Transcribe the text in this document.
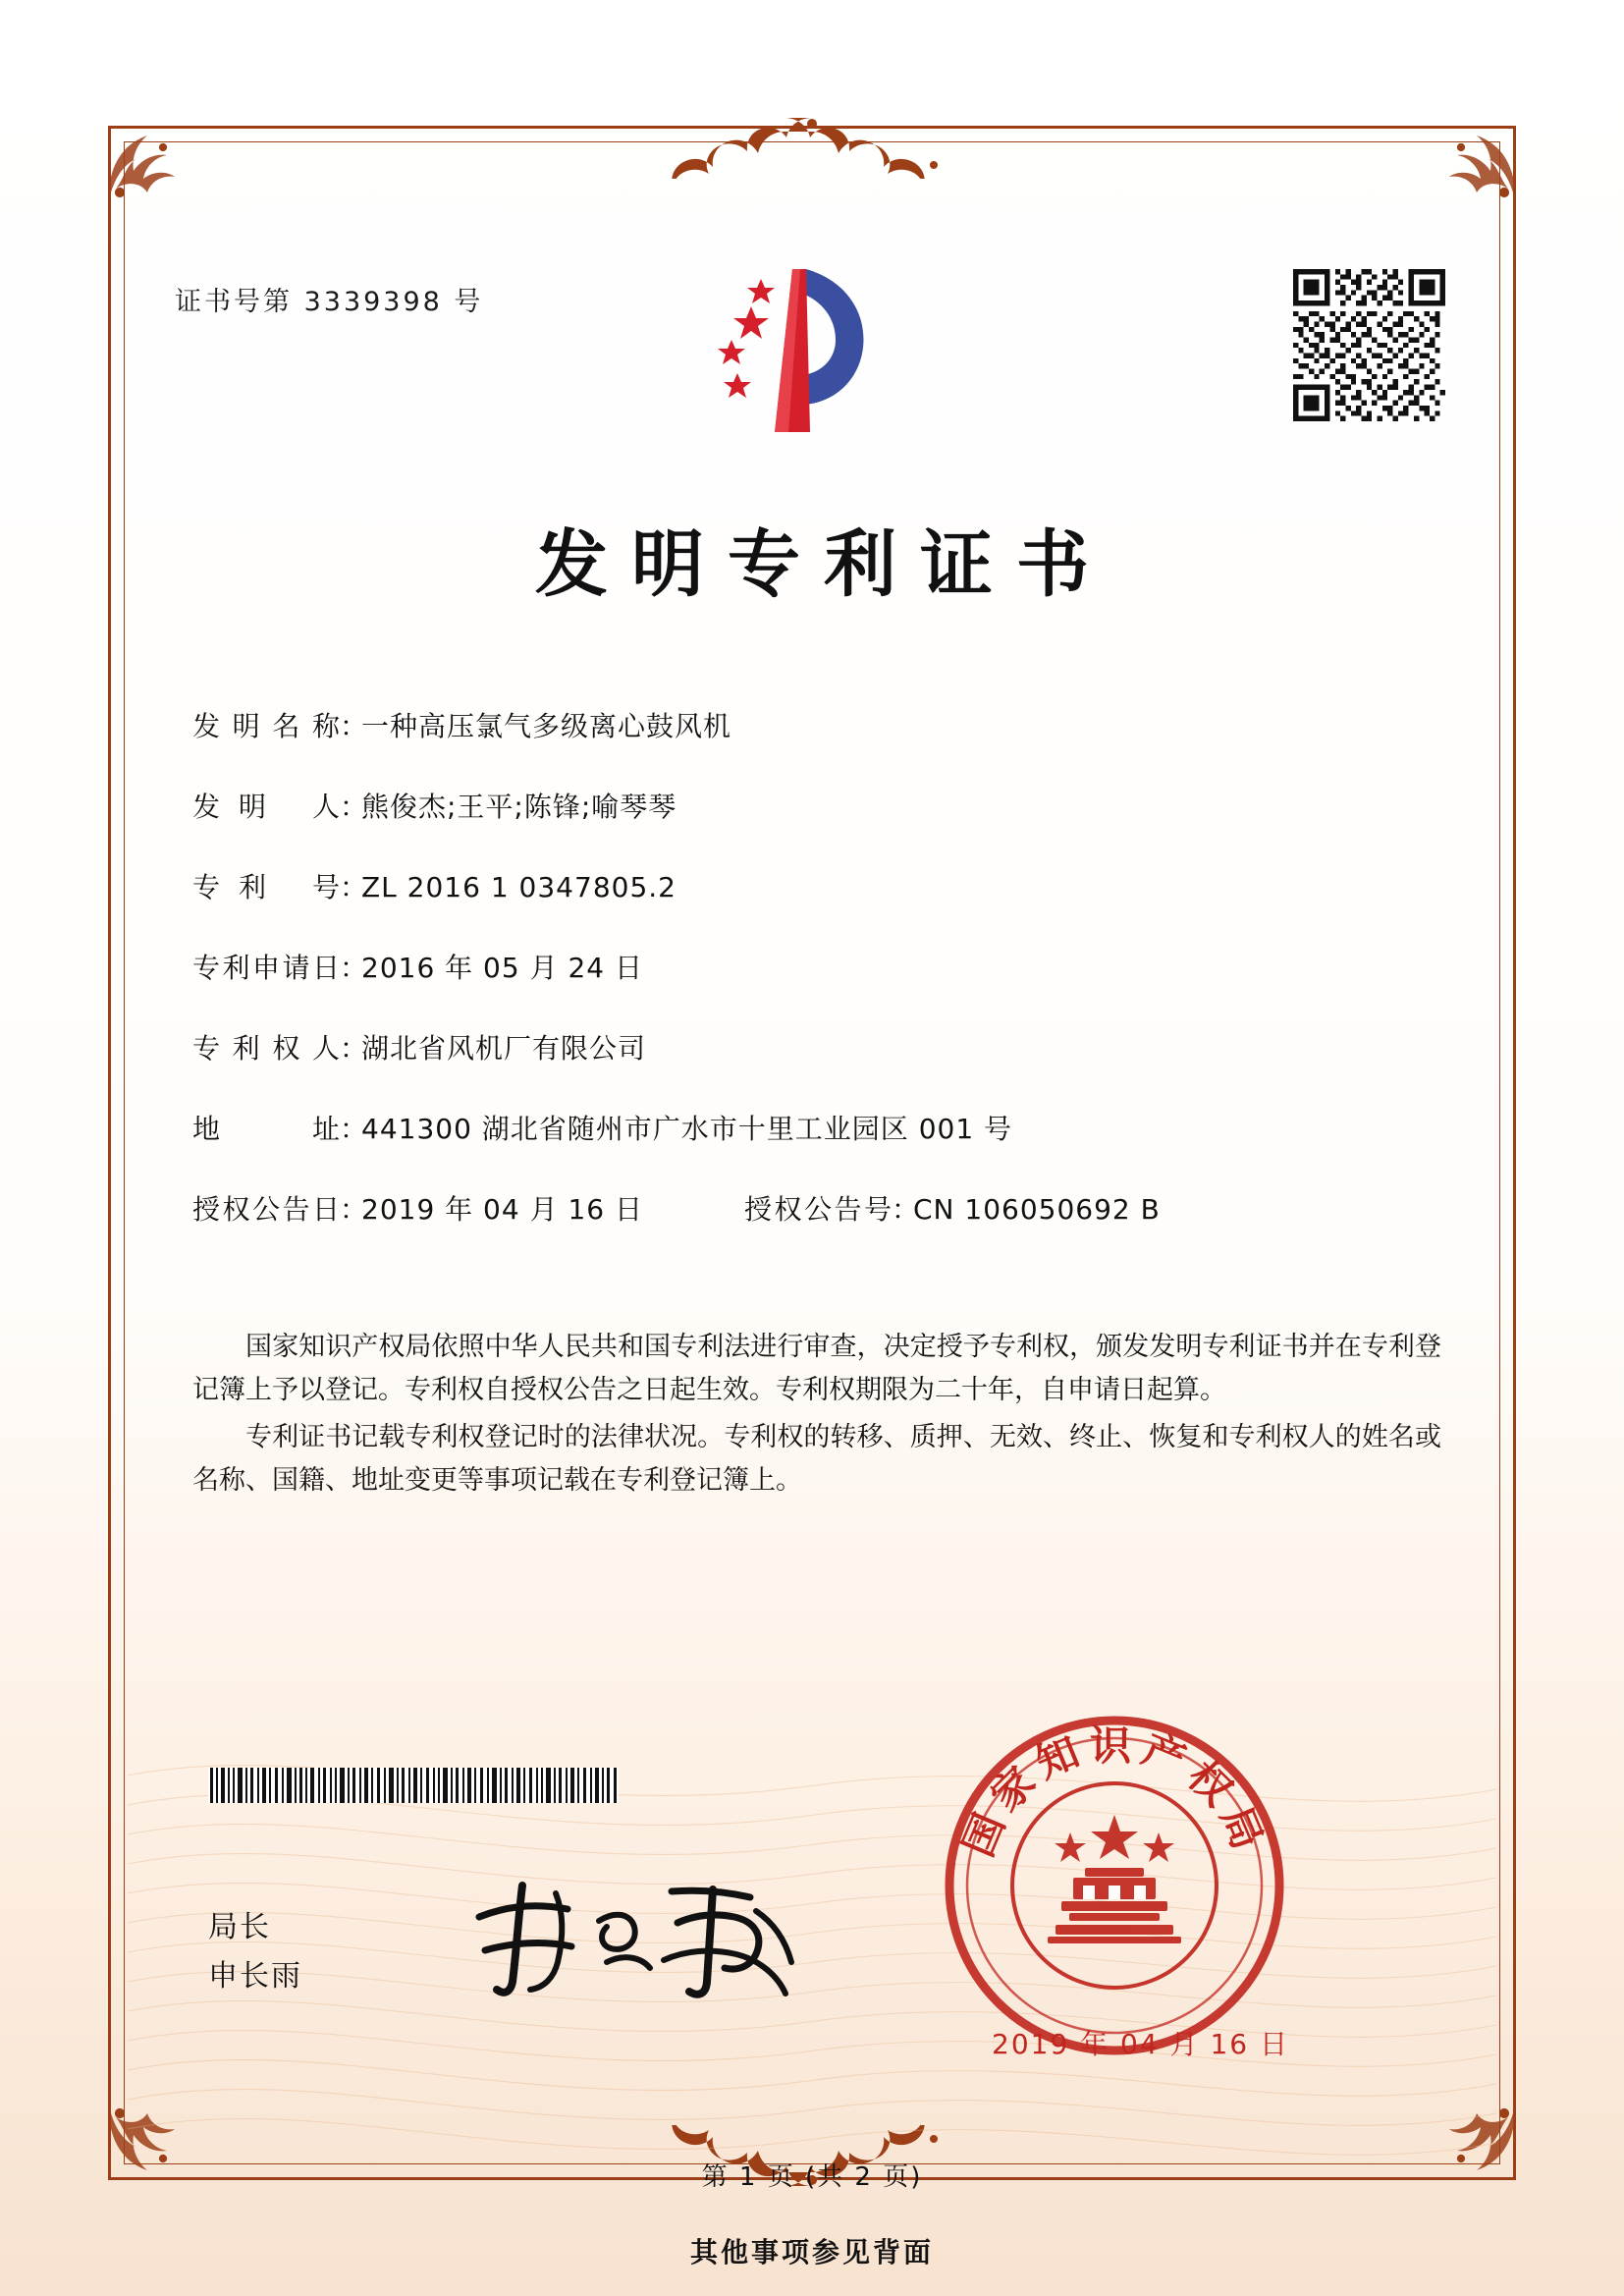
证书号第 3339398 号
发明专利证书
发 明 名 称 ：
一种高压氯气多级离心鼓风机
发 明
人 ：
熊俊杰;王平;陈锋;喻琴琴
专 利
号 ：
ZL 2016 1 0347805.2
专 利 申 请 日 ：
2016 年 05 月 24 日
专 利 权 人 ：
湖北省风机厂有限公司
地

	址 ：
441300 湖北省随州市广水市十里工业园区 001 号
授 权 公 告 日 ：
2019 年 04 月 16 日	授 权 公 告 号 ：
CN 106050692 B

国家知识产权局依照中华人民共和国专利法进行审查，决定授予专利权，颁发发明专利证书并在专利登记簿上予以登记。专利权自授权公告之日起生效。专利权期限为二十年，自申请日起算。

专利证书记载专利权登记时的法律状况。专利权的转移、质押、无效、终止、恢复和专利权人的姓名或名称、国籍、地址变更等事项记载在专利登记簿上。

局长
申长雨
国家知识产权局
2019 年 04 月 16 日
第 1 页 (共 2 页)
其他事项参见背面
